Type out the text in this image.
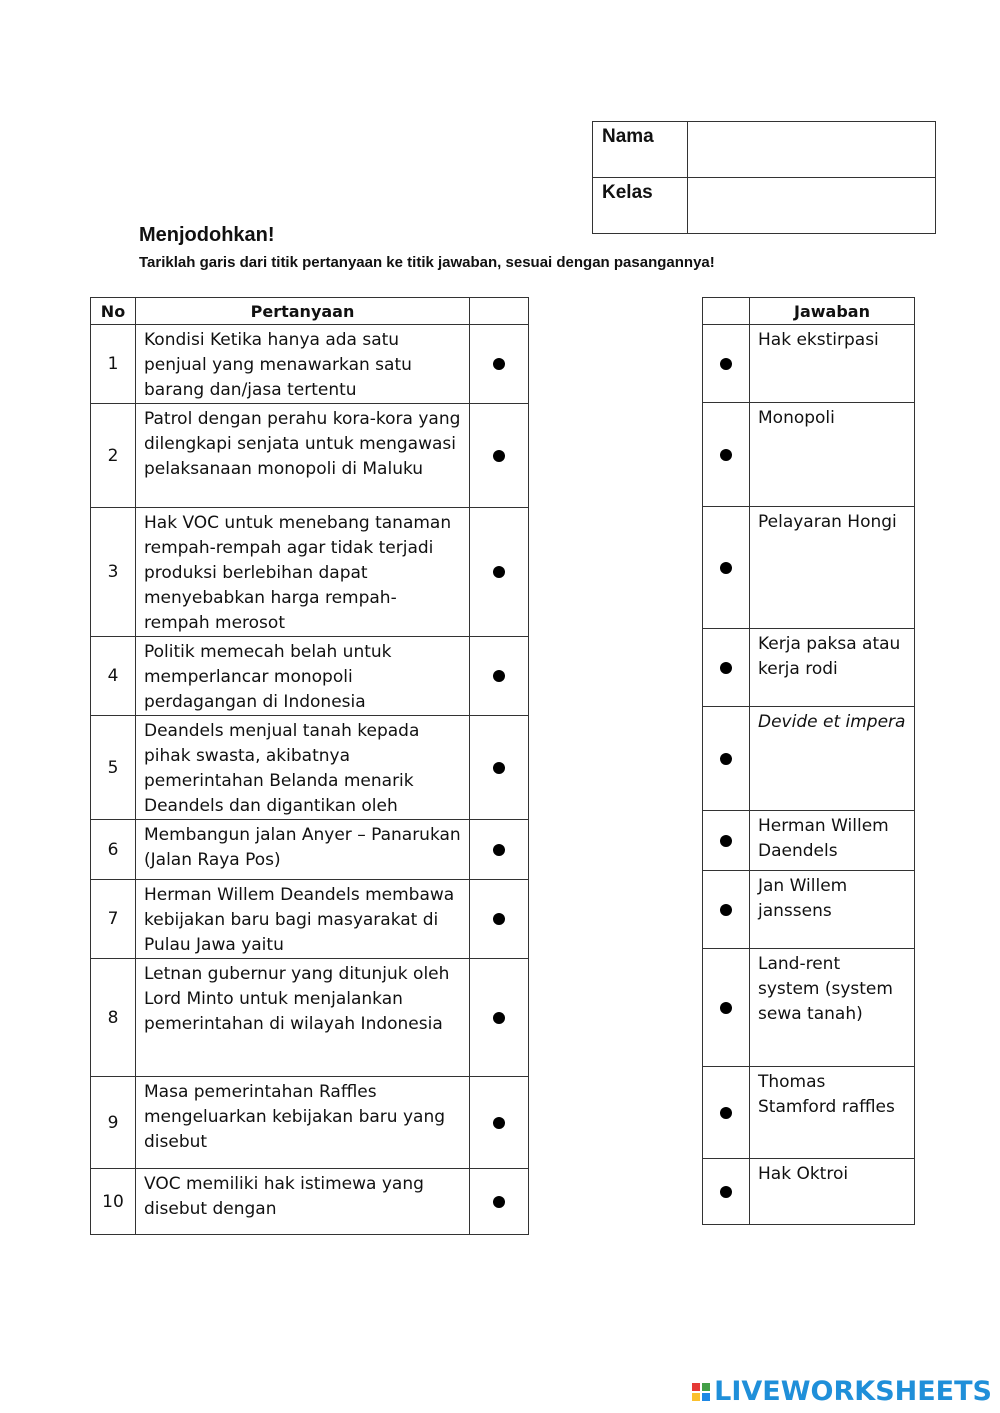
Nama	
Kelas	
Menjodohkan!

Tariklah garis dari titik pertanyaan ke titik jawaban, sesuai dengan pasangannya!

No	Pertanyaan	
1	Kondisi Ketika hanya ada satu penjual yang menawarkan satu barang dan/jasa tertentu	

2	Patrol dengan perahu kora-kora yang dilengkapi senjata untuk mengawasi pelaksanaan monopoli di Maluku	

3	Hak VOC untuk menebang tanaman rempah-rempah agar tidak terjadi produksi berlebihan dapat menyebabkan harga rempah-rempah merosot	

4	Politik memecah belah untuk memperlancar monopoli perdagangan di Indonesia	

5	Deandels menjual tanah kepada pihak swasta, akibatnya pemerintahan Belanda menarik Deandels dan digantikan oleh	

6	Membangun jalan Anyer – Panarukan (Jalan Raya Pos)	

7	Herman Willem Deandels membawa kebijakan baru bagi masyarakat di Pulau Jawa yaitu	

8	Letnan gubernur yang ditunjuk oleh Lord Minto untuk menjalankan pemerintahan di wilayah Indonesia	

9	Masa pemerintahan Raffles mengeluarkan kebijakan baru yang disebut	

10	VOC memiliki hak istimewa yang disebut dengan	
	Jawaban

	Hak ekstirpasi

	Monopoli

	Pelayaran Hongi

	Kerja paksa atau kerja rodi

	Devide et impera

	Herman Willem Daendels

	Jan Willem janssens

	Land-rent system (system sewa tanah)

	Thomas Stamford raffles

	Hak Oktroi
LIVEWORKSHEETS
